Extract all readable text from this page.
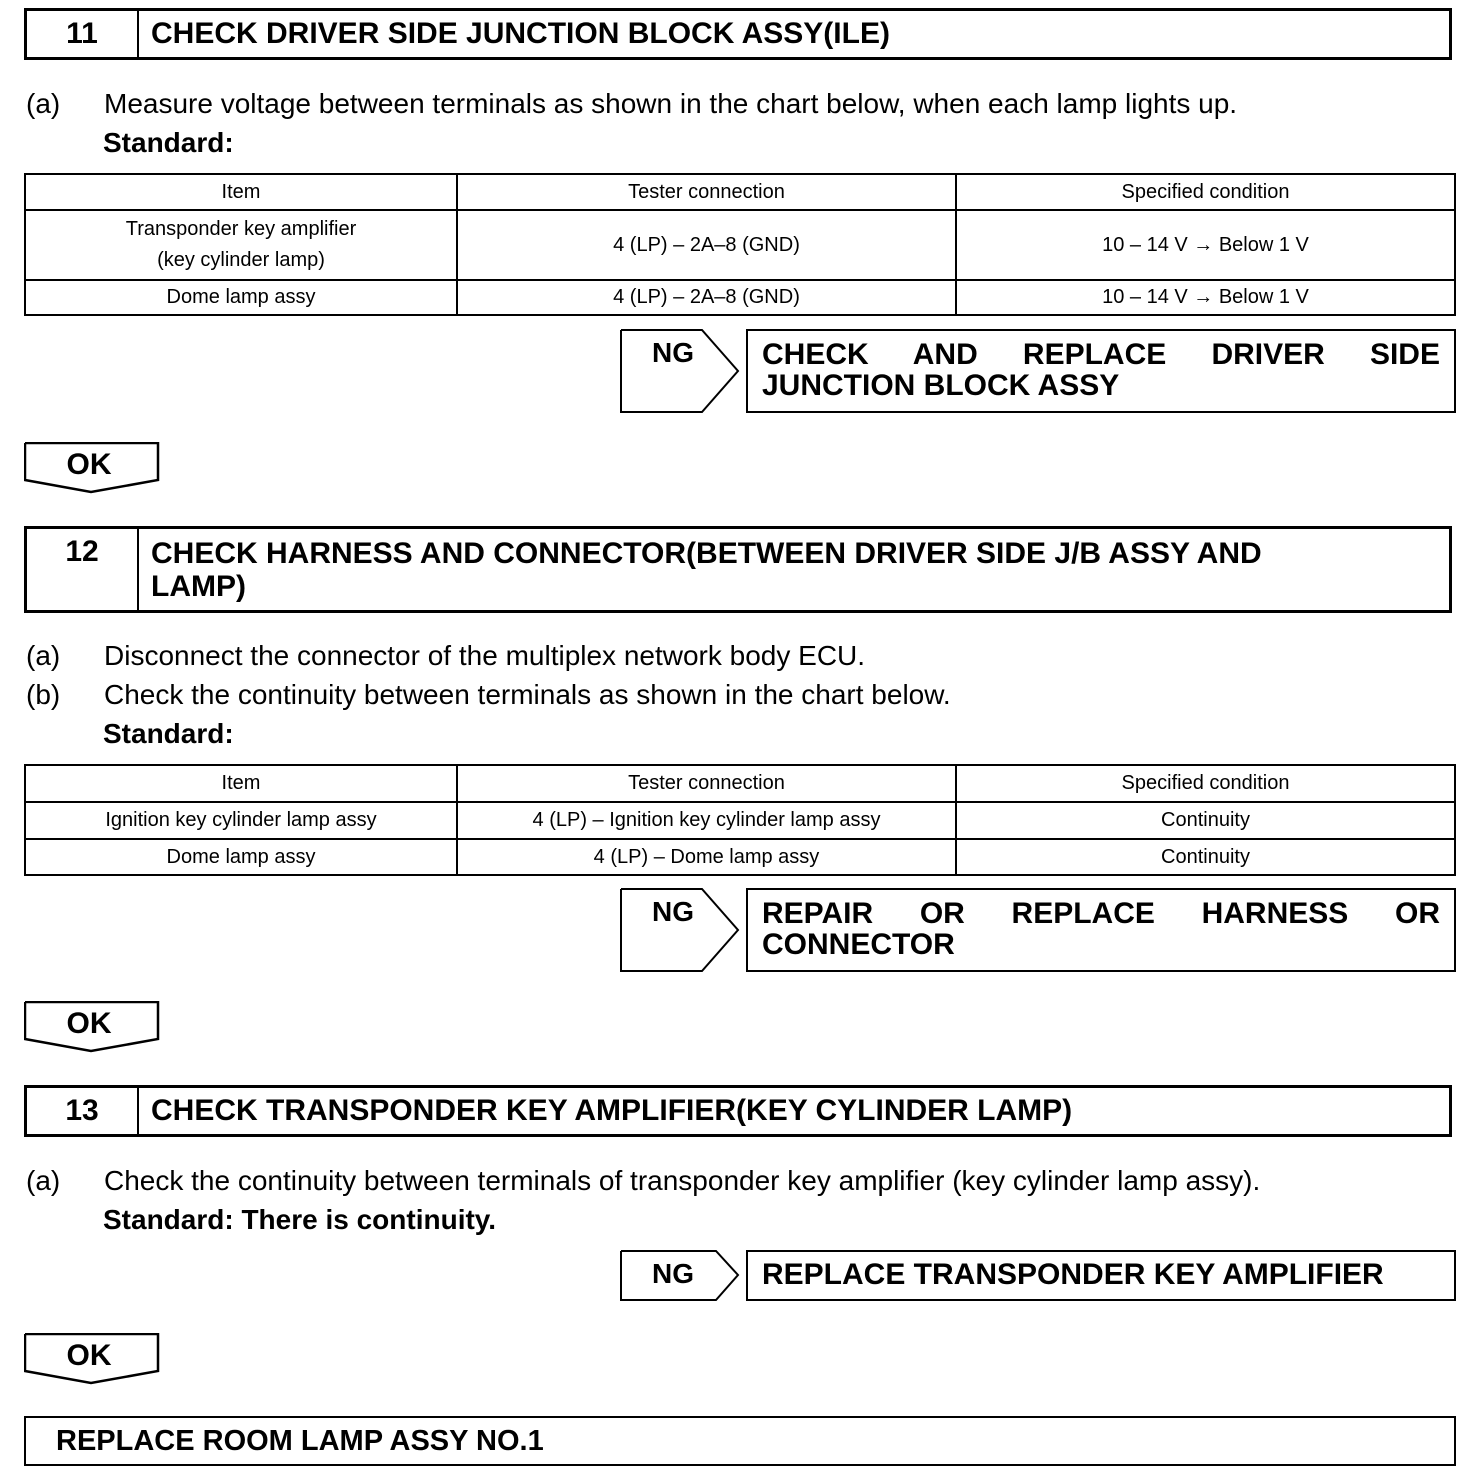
11	CHECK DRIVER SIDE JUNCTION BLOCK ASSY(ILE)
(a) Measure voltage between terminals as shown in the chart below, when each lamp lights up.
Standard:
Item	Tester connection	Specified condition

Transponder key amplifier
(key cylinder lamp)	4 (LP) – 2A–8 (GND)	10 – 14 V → Below 1 V
Dome lamp assy	4 (LP) – 2A–8 (GND)	10 – 14 V → Below 1 V
NG	CHECK AND REPLACE DRIVER SIDE JUNCTION BLOCK ASSY
OK
12	CHECK HARNESS AND CONNECTOR(BETWEEN DRIVER SIDE J/B ASSY AND
LAMP)
(a) Disconnect the connector of the multiplex network body ECU.
(b) Check the continuity between terminals as shown in the chart below.
Standard:
Item	Tester connection	Specified condition
Ignition key cylinder lamp assy	4 (LP) – Ignition key cylinder lamp assy	Continuity
Dome lamp assy	4 (LP) – Dome lamp assy	Continuity
NG	REPAIR OR REPLACE HARNESS OR CONNECTOR
OK
13	CHECK TRANSPONDER KEY AMPLIFIER(KEY CYLINDER LAMP)
(a) Check the continuity between terminals of transponder key amplifier (key cylinder lamp assy).
Standard: There is continuity.
NG	REPLACE TRANSPONDER KEY AMPLIFIER
OK
REPLACE ROOM LAMP ASSY NO.1
